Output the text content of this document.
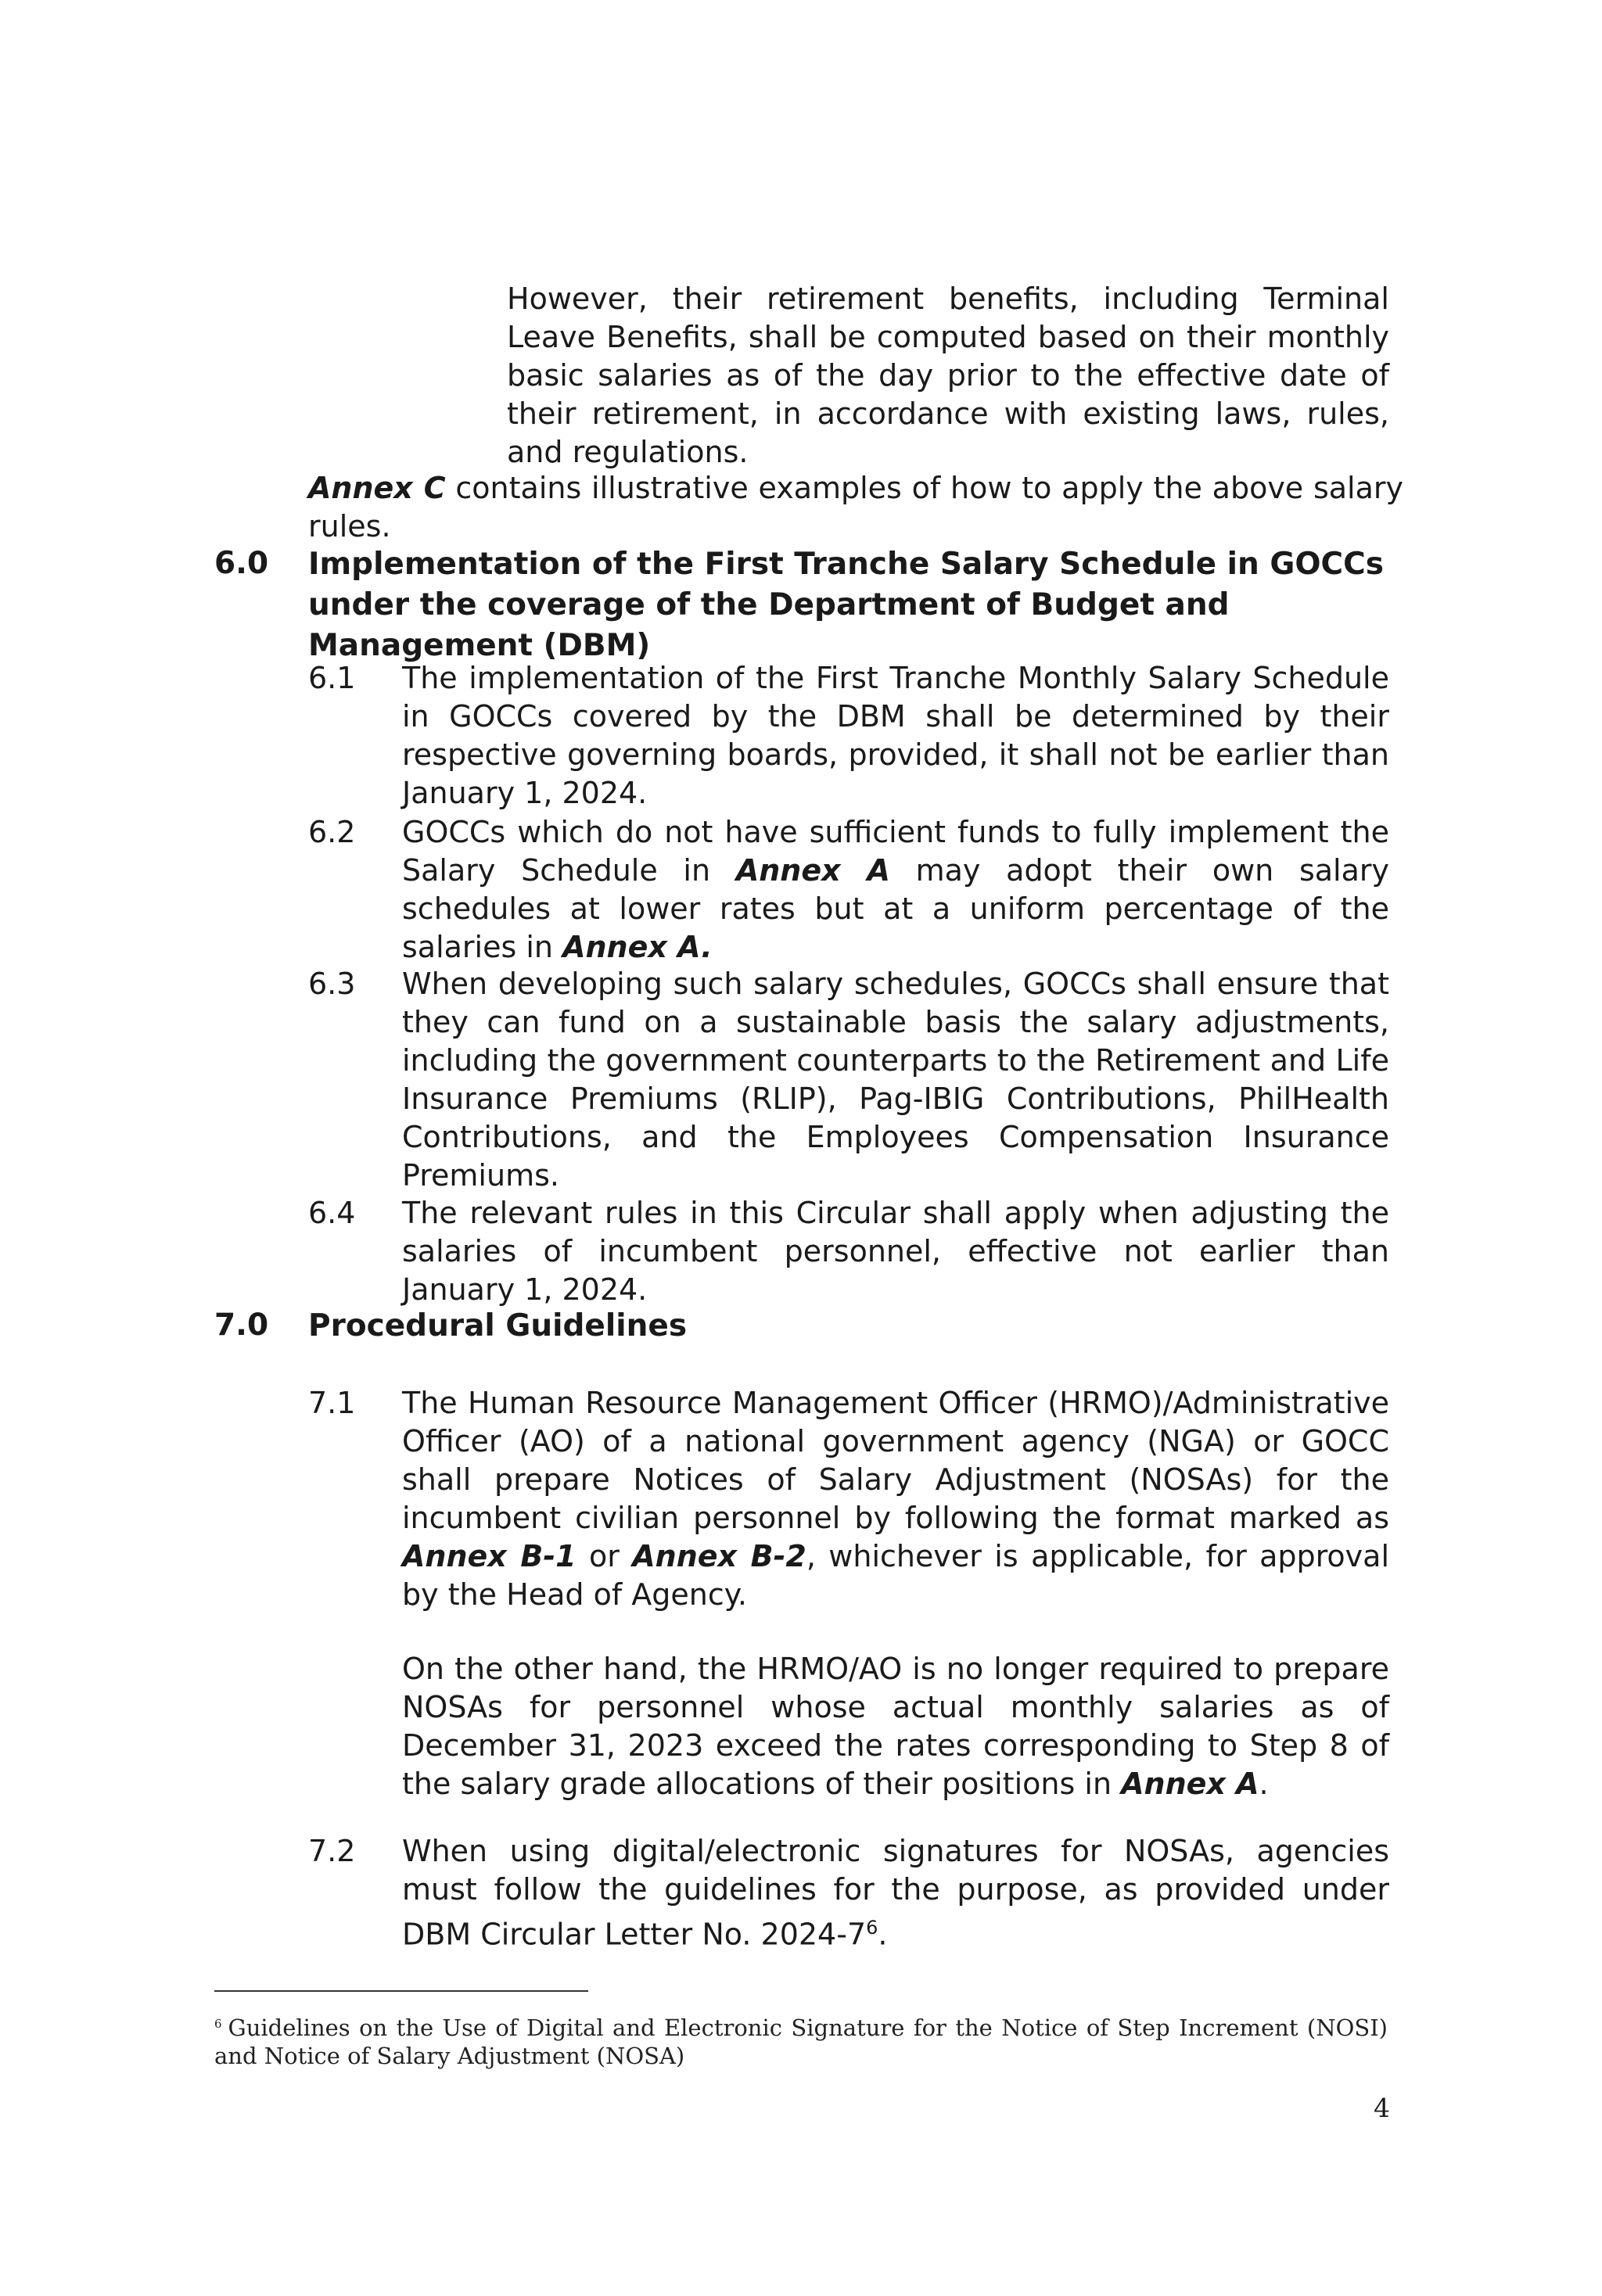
However, their retirement benefits, including Terminal Leave Benefits, shall be computed based on their monthly basic salaries as of the day prior to the effective date of their retirement, in accordance with existing laws, rules, and regulations.
Annex C contains illustrative examples of how to apply the above salary rules.
6.0 Implementation of the First Tranche Salary Schedule in GOCCs under the coverage of the Department of Budget and Management (DBM)
6.1 The implementation of the First Tranche Monthly Salary Schedule in GOCCs covered by the DBM shall be determined by their respective governing boards, provided, it shall not be earlier than January 1, 2024.
6.2 GOCCs which do not have sufficient funds to fully implement the Salary Schedule in Annex A may adopt their own salary schedules at lower rates but at a uniform percentage of the salaries in Annex A.
6.3 When developing such salary schedules, GOCCs shall ensure that they can fund on a sustainable basis the salary adjustments, including the government counterparts to the Retirement and Life Insurance Premiums (RLIP), Pag-IBIG Contributions, PhilHealth Contributions, and the Employees Compensation Insurance Premiums.
6.4 The relevant rules in this Circular shall apply when adjusting the salaries of incumbent personnel, effective not earlier than January 1, 2024.
7.0 Procedural Guidelines
7.1 The Human Resource Management Officer (HRMO)/Administrative Officer (AO) of a national government agency (NGA) or GOCC shall prepare Notices of Salary Adjustment (NOSAs) for the incumbent civilian personnel by following the format marked as Annex B-1 or Annex B-2, whichever is applicable, for approval by the Head of Agency.
On the other hand, the HRMO/AO is no longer required to prepare NOSAs for personnel whose actual monthly salaries as of December 31, 2023 exceed the rates corresponding to Step 8 of the salary grade allocations of their positions in Annex A.
7.2 When using digital/electronic signatures for NOSAs, agencies must follow the guidelines for the purpose, as provided under DBM Circular Letter No. $2024-7^6$.
$^6$ Guidelines on the Use of Digital and Electronic Signature for the Notice of Step Increment (NOSI) and Notice of Salary Adjustment (NOSA)
4
